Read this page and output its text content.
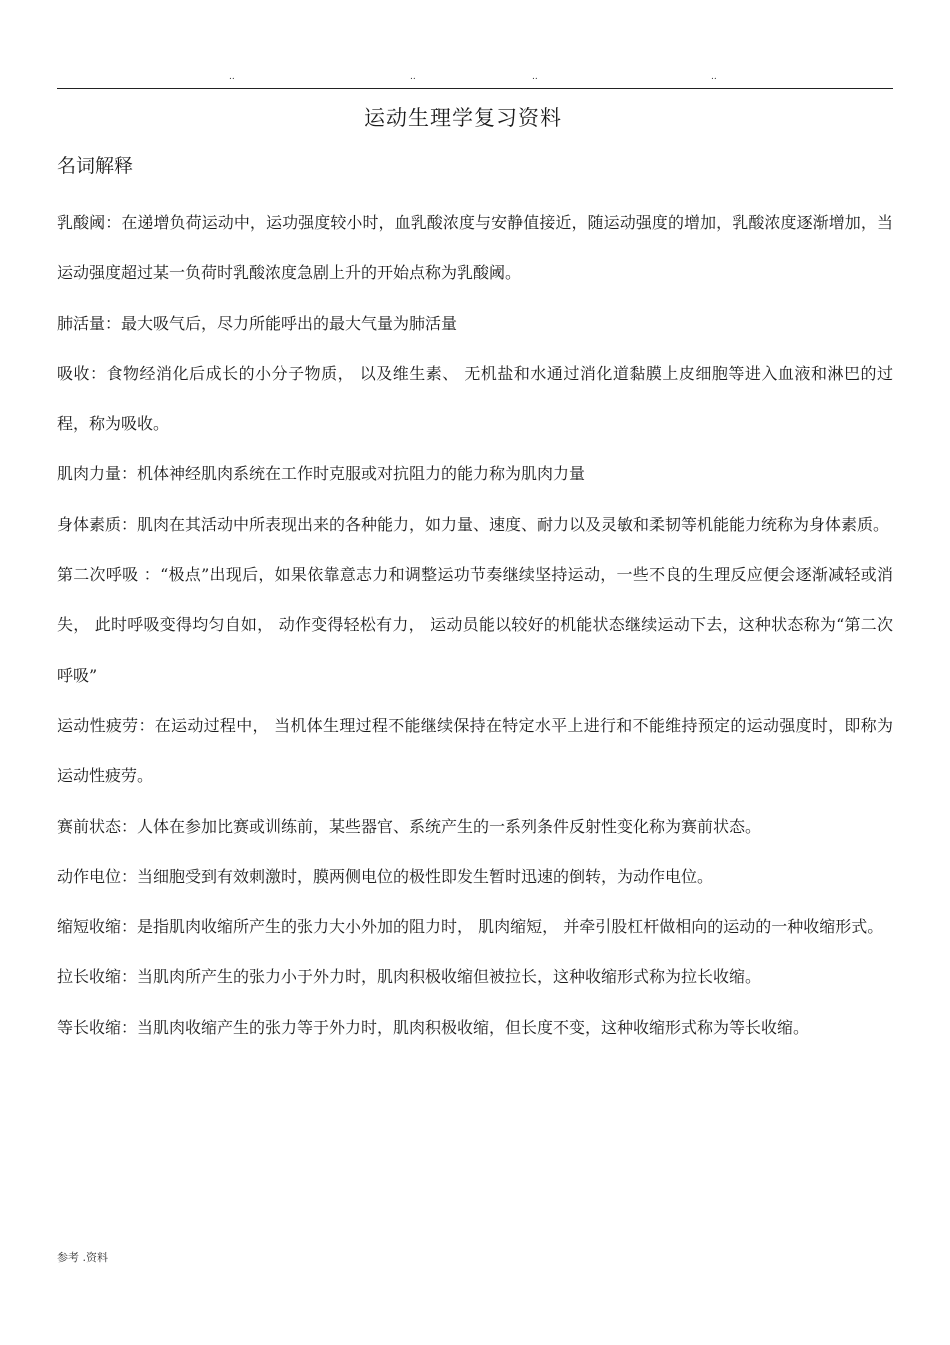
..	..	..	..
运动生理学复习资料
名词解释

乳酸阈：在递增负荷运动中，运功强度较小时，血乳酸浓度与安静值接近，随运动强度的增加，乳酸浓度逐渐增加，当运动强度超过某一负荷时乳酸浓度急剧上升的开始点称为乳酸阈。

肺活量：最大吸气后，尽力所能呼出的最大气量为肺活量

吸收：食物经消化后成长的小分子物质， 以及维生素、 无机盐和水通过消化道黏膜上皮细胞等进入血液和淋巴的过程，称为吸收。

肌肉力量：机体神经肌肉系统在工作时克服或对抗阻力的能力称为肌肉力量

身体素质：肌肉在其活动中所表现出来的各种能力，如力量、速度、耐力以及灵敏和柔韧等机能能力统称为身体素质。

第二次呼吸 ：“极点”出现后，如果依靠意志力和调整运功节奏继续坚持运动，一些不良的生理反应便会逐渐减轻或消失， 此时呼吸变得均匀自如， 动作变得轻松有力， 运动员能以较好的机能状态继续运动下去，这种状态称为“第二次呼吸”

运动性疲劳：在运动过程中， 当机体生理过程不能继续保持在特定水平上进行和不能维持预定的运动强度时，即称为运动性疲劳。

赛前状态：人体在参加比赛或训练前，某些器官、系统产生的一系列条件反射性变化称为赛前状态。

动作电位：当细胞受到有效刺激时，膜两侧电位的极性即发生暂时迅速的倒转，为动作电位。

缩短收缩：是指肌肉收缩所产生的张力大小外加的阻力时， 肌肉缩短， 并牵引股杠杆做相向的运动的一种收缩形式。

拉长收缩：当肌肉所产生的张力小于外力时，肌肉积极收缩但被拉长，这种收缩形式称为拉长收缩。

等长收缩：当肌肉收缩产生的张力等于外力时，肌肉积极收缩，但长度不变，这种收缩形式称为等长收缩。

参考 .资料
